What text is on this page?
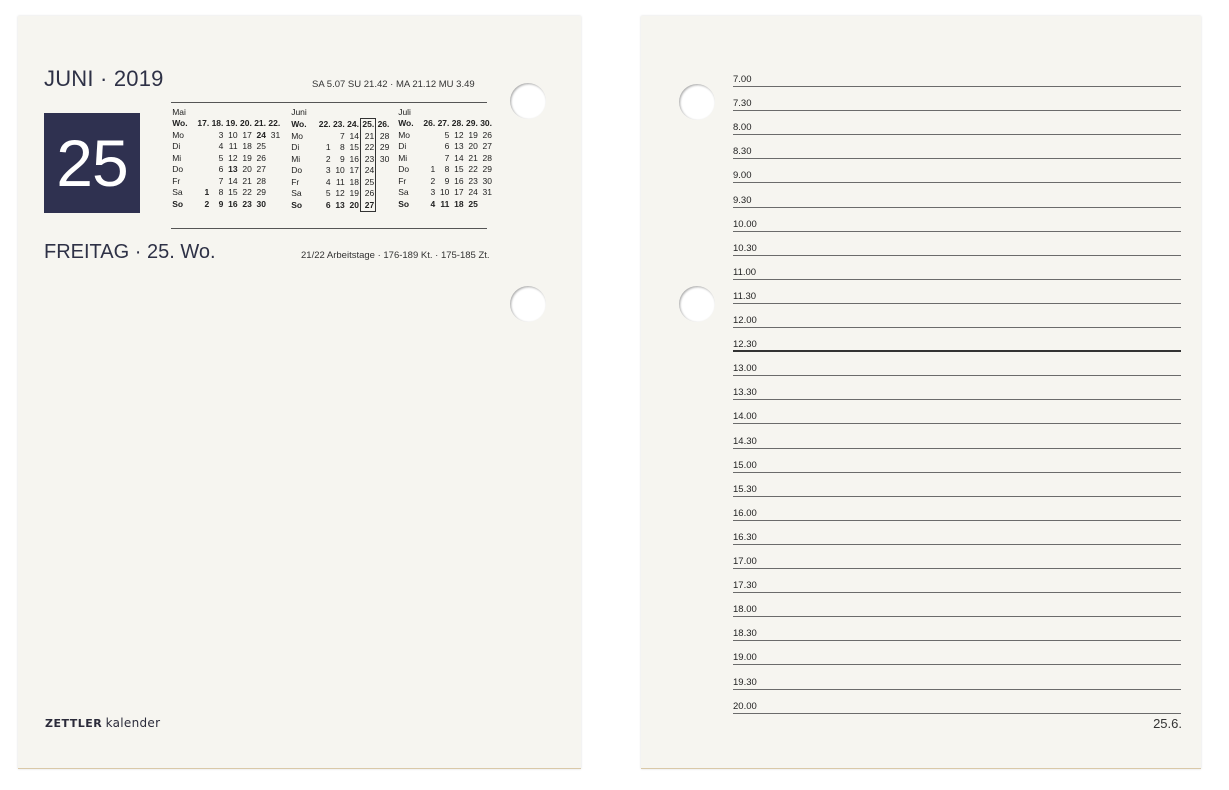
JUNI · 2019	SA 5.07 SU 21.42 · MA 21.12 MU 3.49
25
Mai						
Wo.	17.	18.	19.	20.	21.	22.
Mo		3	10	17	24	31
Di		4	11	18	25	
Mi		5	12	19	26	
Do		6	13	20	27	
Fr		7	14	21	28	
Sa	1	8	15	22	29	
So	2	9	16	23	30	
Juni						
Wo.		22.	23.	24.	25.	26.
Mo			7	14	21	28
Di		1	8	15	22	29
Mi		2	9	16	23	30
Do		3	10	17	24	
Fr		4	11	18	25	
Sa		5	12	19	26	
So		6	13	20	27	
Juli					
Wo.	26.	27.	28.	29.	30.
Mo		5	12	19	26
Di		6	13	20	27
Mi		7	14	21	28
Do	1	8	15	22	29
Fr	2	9	16	23	30
Sa	3	10	17	24	31
So	4	11	18	25	
FREITAG · 25. Wo.	21/22 Arbeitstage · 176-189 Kt. · 175-185 Zt.
ZETTLER kalender
7.00
7.30
8.00
8.30
9.00
9.30
10.00
10.30
11.00
11.30
12.00
12.30
13.00
13.30
14.00
14.30
15.00
15.30
16.00
16.30
17.00
17.30
18.00
18.30
19.00
19.30
20.00
25.6.
